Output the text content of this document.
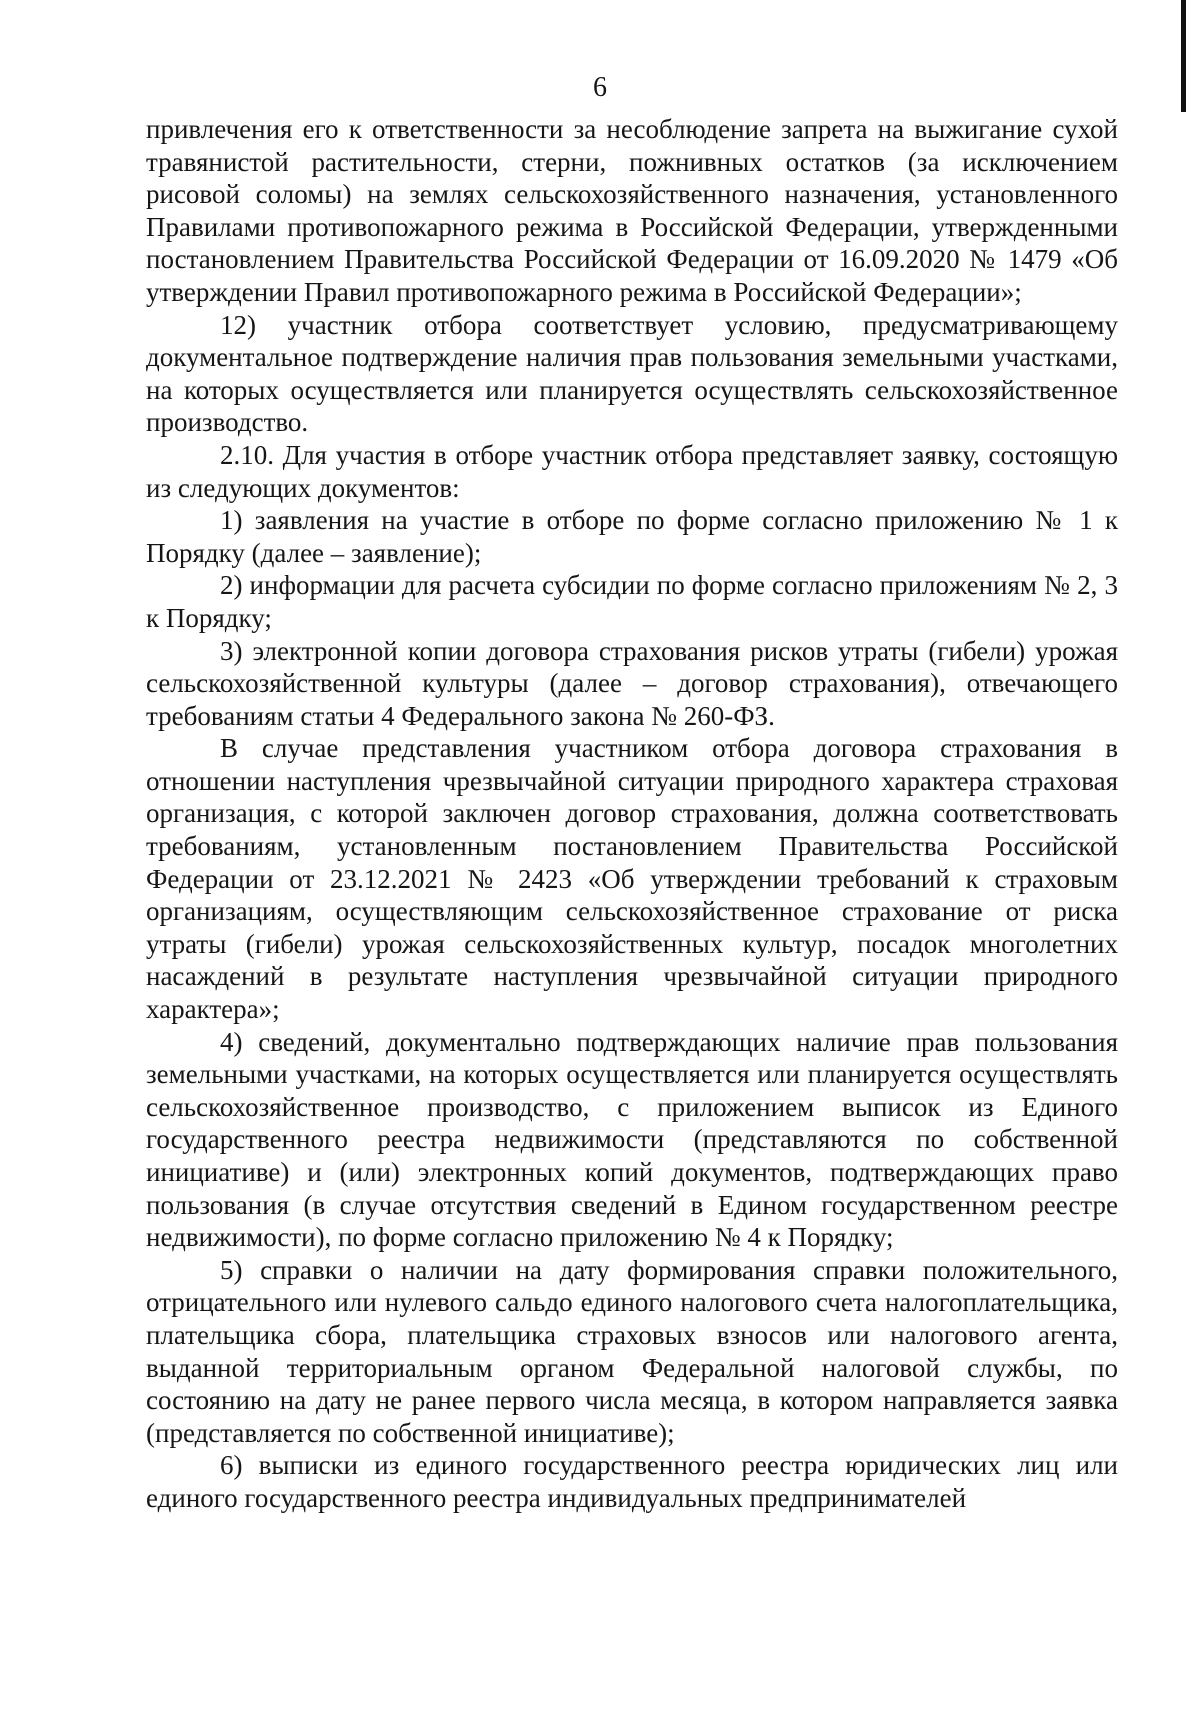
6

привлечения его к ответственности за несоблюдение запрета на выжигание сухой травянистой растительности, стерни, пожнивных остатков (за исключением рисовой соломы) на землях сельскохозяйственного назначения, установленного Правилами противопожарного режима в Российской Федерации, утвержденными постановлением Правительства Российской Федерации от 16.09.2020 № 1479 «Об утверждении Правил противопожарного режима в Российской Федерации»;

12) участник отбора соответствует условию, предусматривающему документальное подтверждение наличия прав пользования земельными участками, на которых осуществляется или планируется осуществлять сельскохозяйственное производство.

2.10. Для участия в отборе участник отбора представляет заявку, состоящую из следующих документов:

1) заявления на участие в отборе по форме согласно приложению № 1 к Порядку (далее – заявление);

2) информации для расчета субсидии по форме согласно приложениям № 2, 3 к Порядку;

3) электронной копии договора страхования рисков утраты (гибели) урожая сельскохозяйственной культуры (далее – договор страхования), отвечающего требованиям статьи 4 Федерального закона № 260-ФЗ.

В случае представления участником отбора договора страхования в отношении наступления чрезвычайной ситуации природного характера страховая организация, с которой заключен договор страхования, должна соответствовать требованиям, установленным постановлением Правительства Российской Федерации от 23.12.2021 № 2423 «Об утверждении требований к страховым организациям, осуществляющим сельскохозяйственное страхование от риска утраты (гибели) урожая сельскохозяйственных культур, посадок многолетних насаждений в результате наступления чрезвычайной ситуации природного характера»;

4) сведений, документально подтверждающих наличие прав пользования земельными участками, на которых осуществляется или планируется осуществлять сельскохозяйственное производство, с приложением выписок из Единого государственного реестра недвижимости (представляются по собственной инициативе) и (или) электронных копий документов, подтверждающих право пользования (в случае отсутствия сведений в Едином государственном реестре недвижимости), по форме согласно приложению № 4 к Порядку;

5) справки о наличии на дату формирования справки положительного, отрицательного или нулевого сальдо единого налогового счета налогоплательщика, плательщика сбора, плательщика страховых взносов или налогового агента, выданной территориальным органом Федеральной налоговой службы, по состоянию на дату не ранее первого числа месяца, в котором направляется заявка (представляется по собственной инициативе);

6) выписки из единого государственного реестра юридических лиц или единого государственного реестра индивидуальных предпринимателей
